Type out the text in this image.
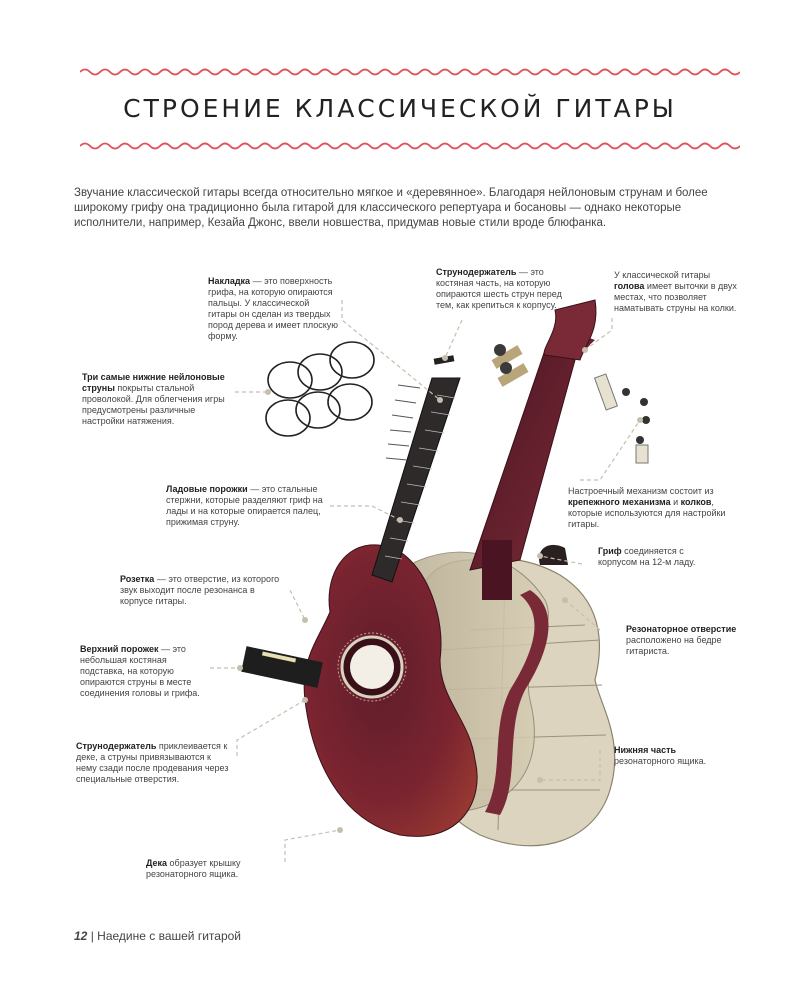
СТРОЕНИЕ КЛАССИЧЕСКОЙ ГИТАРЫ
Звучание классической гитары всегда относительно мягкое и «деревянное». Благодаря нейлоновым струнам и более широкому грифу она традиционно была гитарой для классического репертуара и босановы — однако некоторые исполнители, например, Кезайа Джонс, ввели новшества, придумав новые стили вроде блюфанка.
Накладка — это поверхность грифа, на которую опираются пальцы. У классической гитары он сделан из твердых пород дерева и имеет плоскую форму.
Струнодержатель — это костяная часть, на которую опираются шесть струн перед тем, как крепиться к корпусу.
У классической гитары голова имеет выточки в двух местах, что позволяет наматывать струны на колки.
Три самые нижние нейлоновые струны покрыты стальной проволокой. Для облегчения игры предусмотрены различные настройки натяжения.
Настроечный механизм состоит из крепежного механизма и колков, которые используются для настройки гитары.
Ладовые порожки — это стальные стержни, которые разделяют гриф на лады и на которые опирается палец, прижимая струну.
Гриф соединяется с корпусом на 12-м ладу.
Розетка — это отверстие, из которого звук выходит после резонанса в корпусе гитары.
Резонаторное отверстие расположено на бедре гитариста.
Верхний порожек — это небольшая костяная подставка, на которую опираются струны в месте соединения головы и грифа.
Струнодержатель приклеивается к деке, а струны привязываются к нему сзади после продевания через специальные отверстия.
Нижняя часть резонаторного ящика.
Дека образует крышку резонаторного ящика.
12 | Наедине с вашей гитарой
